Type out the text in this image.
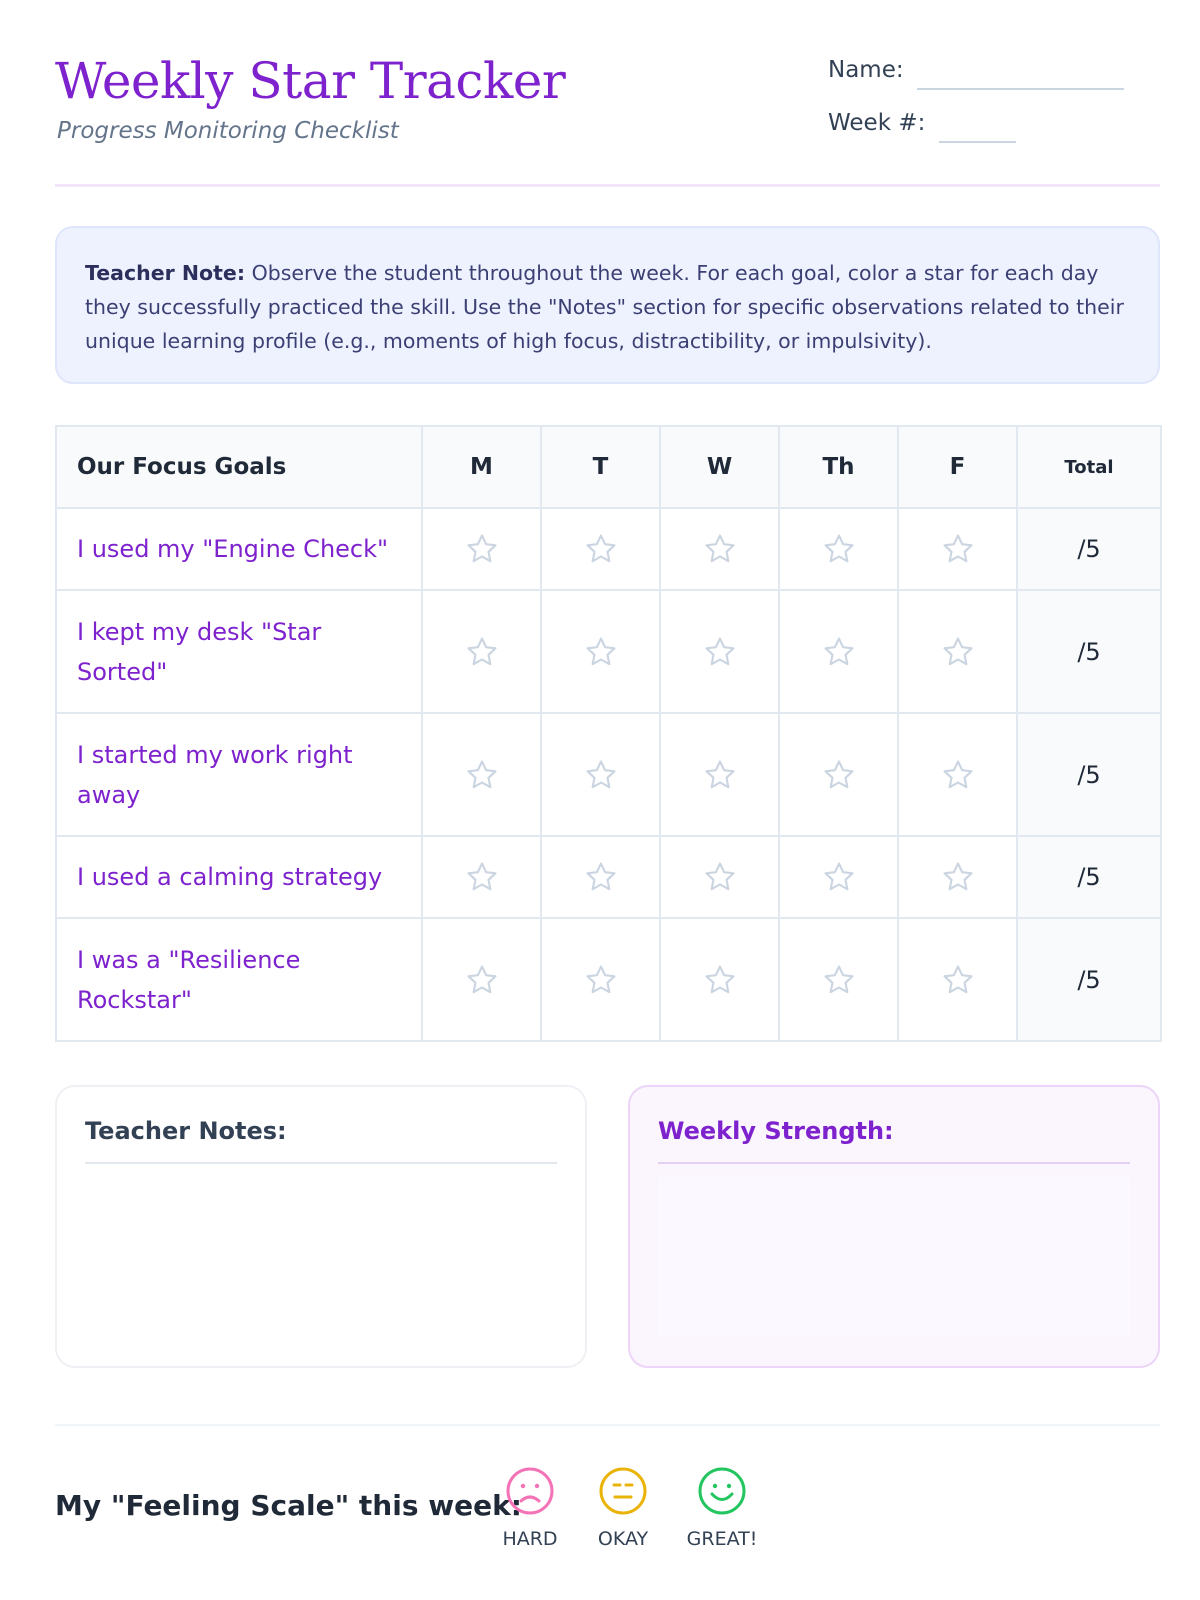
Weekly Star Tracker
Progress Monitoring Checklist
Name:
Week #:
Teacher Note: Observe the student throughout the week. For each goal, color a star for each day they successfully practiced the skill. Use the "Notes" section for specific observations related to their unique learning profile (e.g., moments of high focus, distractibility, or impulsivity).
Our Focus Goals	M	T	W	Th	F	Total
I used my "Engine Check"						/5
I kept my desk "Star Sorted"						/5
I started my work right away						/5
I used a calming strategy						/5
I was a "Resilience Rockstar"						/5
Teacher Notes:	Weekly Strength:
My "Feeling Scale" this week:
HARD	OKAY	GREAT!
